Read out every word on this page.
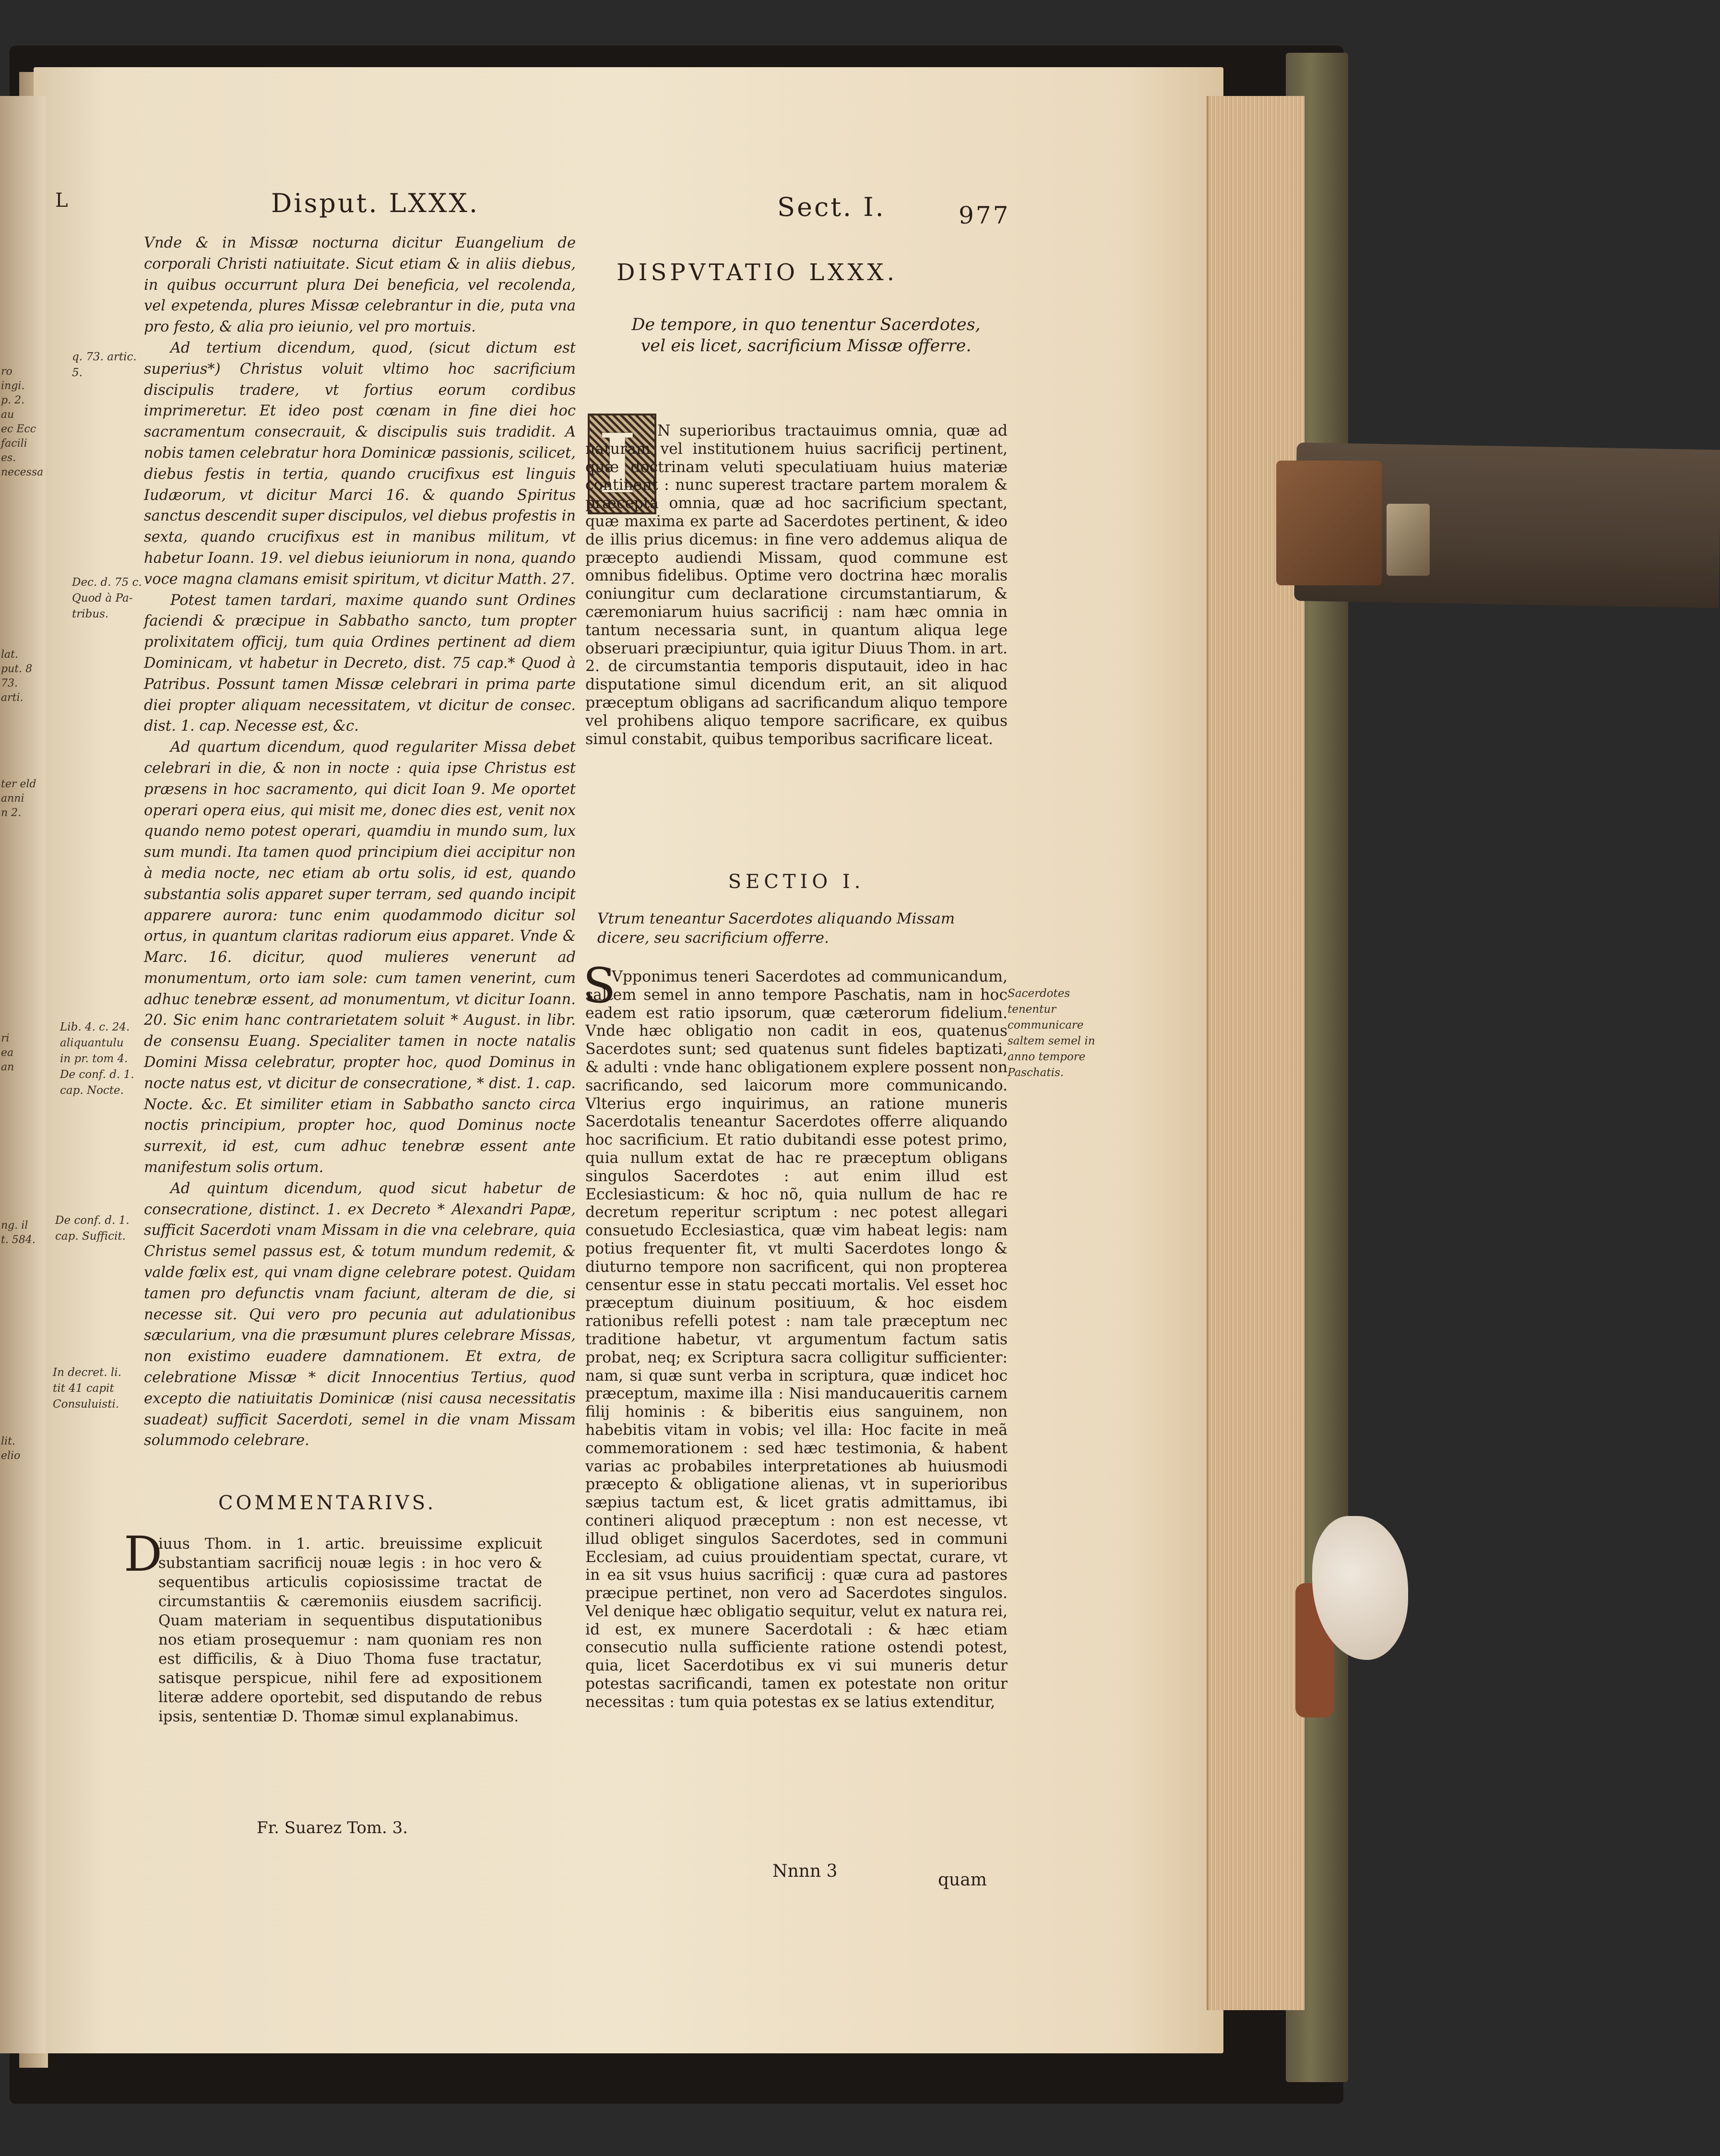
ro ingi.
p. 2. au
ec Ecc
facili
es.
necessa
lat.
put. 8
73. arti.
ter eld
anni
n 2.
ri
ea
an
ng. il
t. 584.
lit.
elio
L	Disput. LXXX.	Sect. I.	977

Vnde & in Missæ nocturna dicitur Euangelium de corporali Christi natiuitate. Sicut etiam & in aliis diebus, in quibus occurrunt plura Dei beneficia, vel recolenda, vel expetenda, plures Missæ celebrantur in die, puta vna pro festo, & alia pro ieiunio, vel pro mortuis.

Ad tertium dicendum, quod, (sicut dictum est superius*) Christus voluit vltimo hoc sacrificium discipulis tradere, vt fortius eorum cordibus imprimeretur. Et ideo post cœnam in fine diei hoc sacramentum consecrauit, & discipulis suis tradidit. A nobis tamen celebratur hora Dominicæ passionis, scilicet, diebus festis in tertia, quando crucifixus est linguis Iudæorum, vt dicitur Marci 16. & quando Spiritus sanctus descendit super discipulos, vel diebus profestis in sexta, quando crucifixus est in manibus militum, vt habetur Ioann. 19. vel diebus ieiuniorum in nona, quando voce magna clamans emisit spiritum, vt dicitur Matth. 27.

Potest tamen tardari, maxime quando sunt Ordines faciendi & præcipue in Sabbatho sancto, tum propter prolixitatem officij, tum quia Ordines pertinent ad diem Dominicam, vt habetur in Decreto, dist. 75 cap.* Quod à Patribus. Possunt tamen Missæ celebrari in prima parte diei propter aliquam necessitatem, vt dicitur de consec. dist. 1. cap. Necesse est, &c.

Ad quartum dicendum, quod regulariter Missa debet celebrari in die, & non in nocte : quia ipse Christus est præsens in hoc sacramento, qui dicit Ioan 9. Me oportet operari opera eius, qui misit me, donec dies est, venit nox quando nemo potest operari, quamdiu in mundo sum, lux sum mundi. Ita tamen quod principium diei accipitur non à media nocte, nec etiam ab ortu solis, id est, quando substantia solis apparet super terram, sed quando incipit apparere aurora: tunc enim quodammodo dicitur sol ortus, in quantum claritas radiorum eius apparet. Vnde & Marc. 16. dicitur, quod mulieres venerunt ad monumentum, orto iam sole: cum tamen venerint, cum adhuc tenebræ essent, ad monumentum, vt dicitur Ioann. 20. Sic enim hanc contrarietatem soluit * August. in libr. de consensu Euang. Specialiter tamen in nocte natalis Domini Missa celebratur, propter hoc, quod Dominus in nocte natus est, vt dicitur de consecratione, * dist. 1. cap. Nocte. &c. Et similiter etiam in Sabbatho sancto circa noctis principium, propter hoc, quod Dominus nocte surrexit, id est, cum adhuc tenebræ essent ante manifestum solis ortum.

Ad quintum dicendum, quod sicut habetur de consecratione, distinct. 1. ex Decreto * Alexandri Papæ, sufficit Sacerdoti vnam Missam in die vna celebrare, quia Christus semel passus est, & totum mundum redemit, & valde fœlix est, qui vnam digne celebrare potest. Quidam tamen pro defunctis vnam faciunt, alteram de die, si necesse sit. Qui vero pro pecunia aut adulationibus sæcularium, vna die præsumunt plures celebrare Missas, non existimo euadere damnationem. Et extra, de celebratione Missæ * dicit Innocentius Tertius, quod excepto die natiuitatis Dominicæ (nisi causa necessitatis suadeat) sufficit Sacerdoti, semel in die vnam Missam solummodo celebrare.

q. 73. artic. 5.
Dec. d. 75 c.
Quod à Pa-
tribus.
Lib. 4. c. 24.
aliquantulu
in pr. tom 4.
De conf. d. 1.
cap. Nocte.
De conf. d. 1.
cap. Sufficit.
In decret. li.
tit 41 capit
Consuluisti.
COMMENTARIVS.
D
iuus Thom. in 1. artic. breuissime explicuit substantiam sacrificij nouæ legis : in hoc vero & sequentibus articulis copiosissime tractat de circumstantiis & cæremoniis eiusdem sacrificij. Quam materiam in sequentibus disputationibus nos etiam prosequemur : nam quoniam res non est difficilis, & à Diuo Thoma fuse tractatur, satisque perspicue, nihil fere ad expositionem literæ addere oportebit, sed disputando de rebus ipsis, sententiæ D. Thomæ simul explanabimus.
Fr. Suarez Tom. 3.
DISPVTATIO LXXX.
De tempore, in quo tenentur Sacerdotes, vel eis licet, sacrificium Missæ offerre.
I	N superioribus tractauimus omnia, quæ ad naturam vel institutionem huius sacrificij pertinent, quæ doctrinam veluti speculatiuam huius materiæ continent : nunc superest tractare partem moralem & præcepta omnia, quæ ad hoc sacrificium spectant, quæ maxima ex parte ad Sacerdotes pertinent, & ideo de illis prius dicemus: in fine vero addemus aliqua de præcepto audiendi Missam, quod commune est omnibus fidelibus. Optime vero doctrina hæc moralis coniungitur cum declaratione circumstantiarum, & cæremoniarum huius sacrificij : nam hæc omnia in tantum necessaria sunt, in quantum aliqua lege obseruari præcipiuntur, quia igitur Diuus Thom. in art. 2. de circumstantia temporis disputauit, ideo in hac disputatione simul dicendum erit, an sit aliquod præceptum obligans ad sacrificandum aliquo tempore vel prohibens aliquo tempore sacrificare, ex quibus simul constabit, quibus temporibus sacrificare liceat.
SECTIO I.
Vtrum teneantur Sacerdotes aliquando Missam dicere, seu sacrificium offerre.
S
Vpponimus teneri Sacerdotes ad communicandum, saltem semel in anno tempore Paschatis, nam in hoc eadem est ratio ipsorum, quæ cæterorum fidelium. Vnde hæc obligatio non cadit in eos, quatenus Sacerdotes sunt; sed quatenus sunt fideles baptizati, & adulti : vnde hanc obligationem explere possent non sacrificando, sed laicorum more communicando. Vlterius ergo inquirimus, an ratione muneris Sacerdotalis teneantur Sacerdotes offerre aliquando hoc sacrificium. Et ratio dubitandi esse potest primo, quia nullum extat de hac re præceptum obligans singulos Sacerdotes : aut enim illud est Ecclesiasticum: & hoc nõ, quia nullum de hac re decretum reperitur scriptum : nec potest allegari consuetudo Ecclesiastica, quæ vim habeat legis: nam potius frequenter fit, vt multi Sacerdotes longo & diuturno tempore non sacrificent, qui non propterea censentur esse in statu peccati mortalis. Vel esset hoc præceptum diuinum positiuum, & hoc eisdem rationibus refelli potest : nam tale præceptum nec traditione habetur, vt argumentum factum satis probat, neq; ex Scriptura sacra colligitur sufficienter: nam, si quæ sunt verba in scriptura, quæ indicet hoc præceptum, maxime illa : Nisi manducaueritis carnem filij hominis : & biberitis eius sanguinem, non habebitis vitam in vobis; vel illa: Hoc facite in meã commemorationem : sed hæc testimonia, & habent varias ac probabiles interpretationes ab huiusmodi præcepto & obligatione alienas, vt in superioribus sæpius tactum est, & licet gratis admittamus, ibi contineri aliquod præceptum : non est necesse, vt illud obliget singulos Sacerdotes, sed in communi Ecclesiam, ad cuius prouidentiam spectat, curare, vt in ea sit vsus huius sacrificij : quæ cura ad pastores præcipue pertinet, non vero ad Sacerdotes singulos. Vel denique hæc obligatio sequitur, velut ex natura rei, id est, ex munere Sacerdotali : & hæc etiam consecutio nulla sufficiente ratione ostendi potest, quia, licet Sacerdotibus ex vi sui muneris detur potestas sacrificandi, tamen ex potestate non oritur necessitas : tum quia potestas ex se latius extenditur,
Sacerdotes tenentur communicare saltem semel in anno tempore Paschatis.
Nnnn 3	quam
